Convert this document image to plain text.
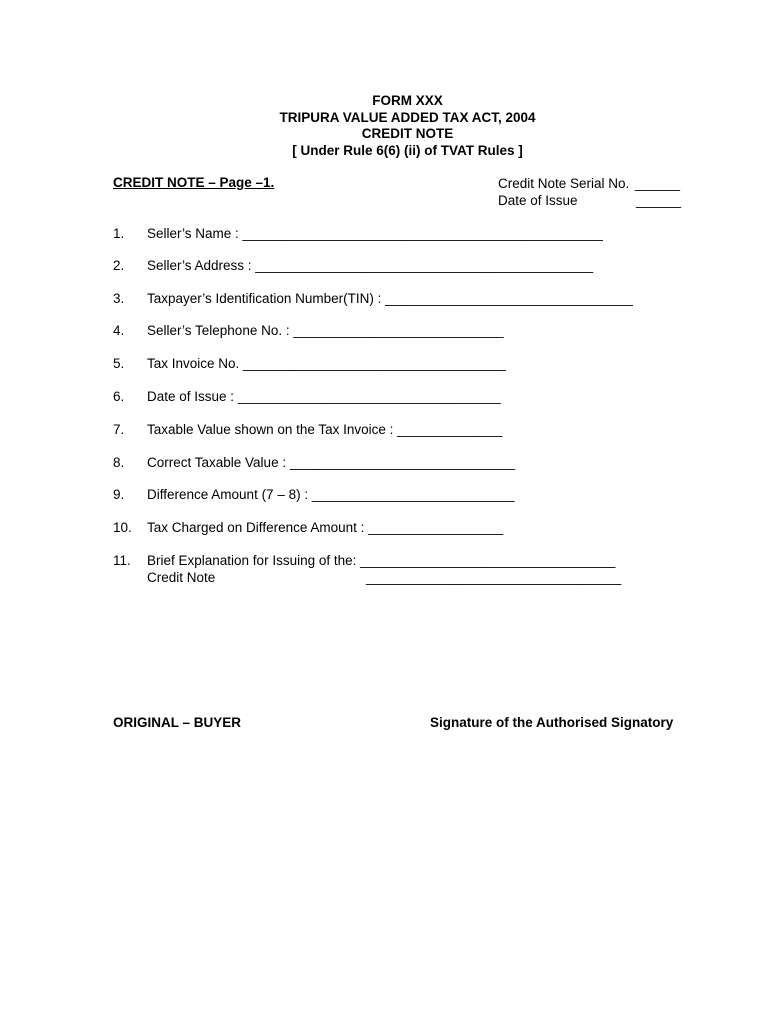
FORM XXX
TRIPURA VALUE ADDED TAX ACT, 2004
CREDIT NOTE
[ Under Rule 6(6) (ii) of TVAT Rules ]
CREDIT NOTE – Page –1.	Credit Note Serial No. ______
Date of Issue	______
1. Seller’s Name : ________________________________________________
2. Seller’s Address : _____________________________________________
3. Taxpayer’s Identification Number(TIN) : _________________________________
4. Seller’s Telephone No. : ____________________________
5. Tax Invoice No. ___________________________________
6. Date of Issue : ___________________________________
7. Taxable Value shown on the Tax Invoice : ______________
8. Correct Taxable Value : ______________________________
9. Difference Amount (7 – 8) : ___________________________
10. Tax Charged on Difference Amount : __________________
11. Brief Explanation for Issuing of the: __________________________________
Credit Note	__________________________________
ORIGINAL – BUYER	Signature of the Authorised Signatory
